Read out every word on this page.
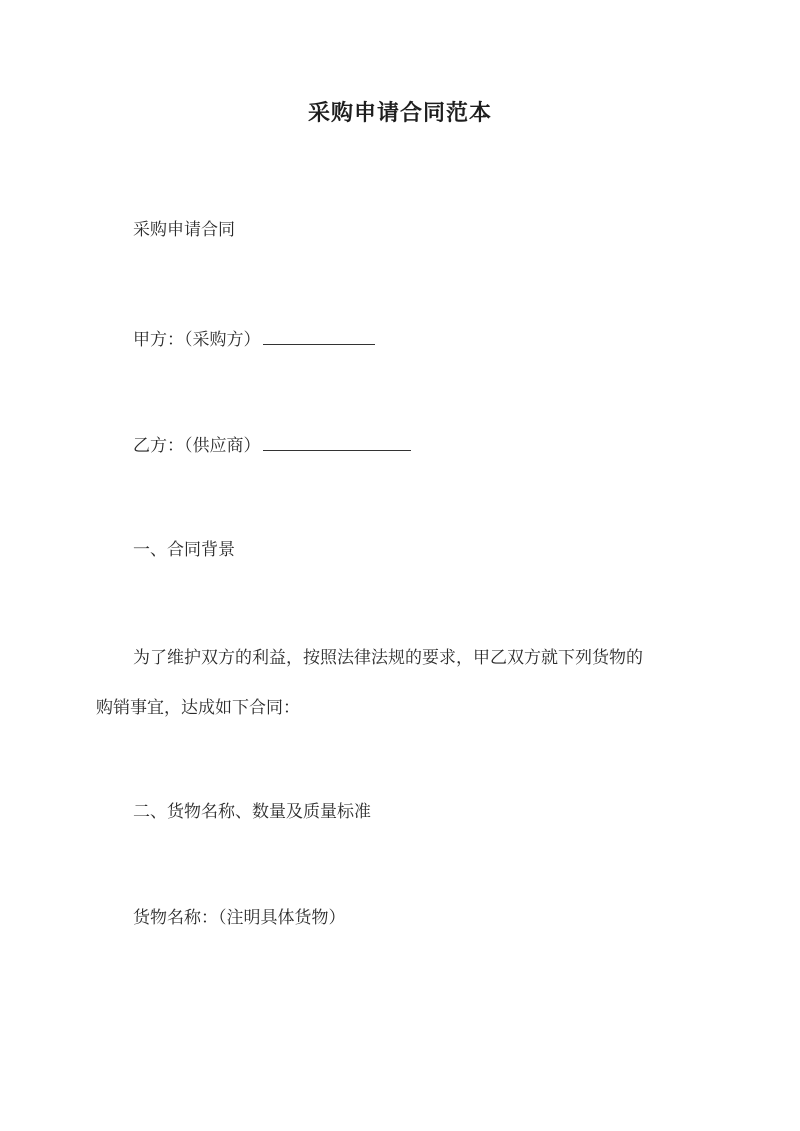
采购申请合同范本
采购申请合同
甲方：（采购方）
乙方：（供应商）
一、合同背景
为了维护双方的利益，按照法律法规的要求，甲乙双方就下列货物的
购销事宜，达成如下合同：
二、货物名称、数量及质量标准
货物名称：（注明具体货物）
